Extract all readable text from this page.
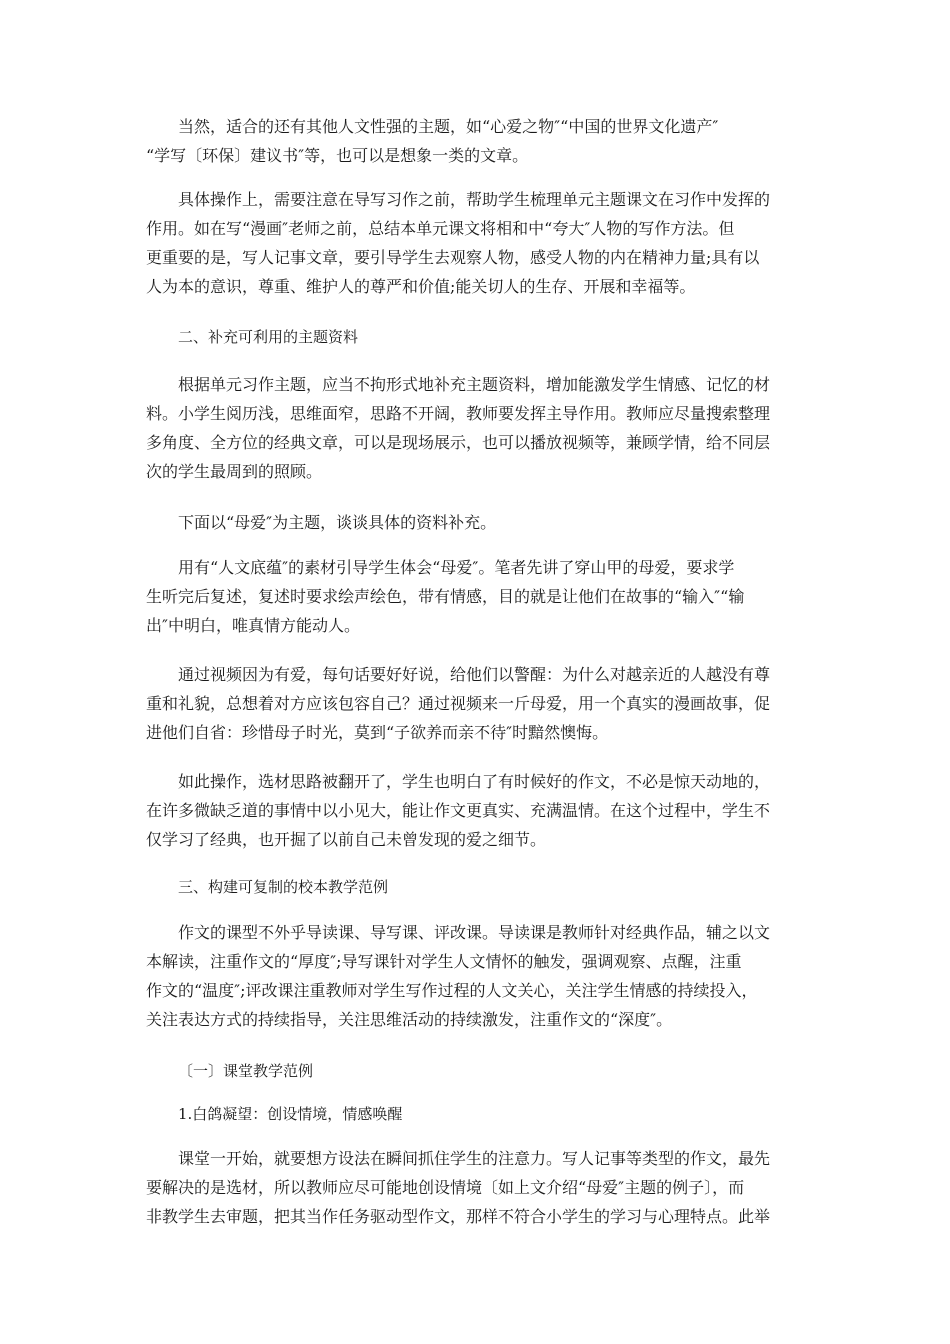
当然，适合的还有其他人文性强的主题，如“心爱之物″“中国的世界文化遗产″
“学写〔环保〕建议书″等，也可以是想象一类的文章。
具体操作上，需要注意在导写习作之前，帮助学生梳理单元主题课文在习作中发挥的
作用。如在写“漫画″老师之前，总结本单元课文将相和中“夸大″人物的写作方法。但
更重要的是，写人记事文章，要引导学生去观察人物，感受人物的内在精神力量;具有以
人为本的意识，尊重、维护人的尊严和价值;能关切人的生存、开展和幸福等。
二、补充可利用的主题资料
根据单元习作主题，应当不拘形式地补充主题资料，增加能激发学生情感、记忆的材
料。小学生阅历浅，思维面窄，思路不开阔，教师要发挥主导作用。教师应尽量搜索整理
多角度、全方位的经典文章，可以是现场展示，也可以播放视频等，兼顾学情，给不同层
次的学生最周到的照顾。
下面以“母爱″为主题，谈谈具体的资料补充。
用有“人文底蕴″的素材引导学生体会“母爱″。笔者先讲了穿山甲的母爱，要求学
生听完后复述，复述时要求绘声绘色，带有情感，目的就是让他们在故事的“输入″“输
出″中明白，唯真情方能动人。
通过视频因为有爱，每句话要好好说，给他们以警醒：为什么对越亲近的人越没有尊
重和礼貌，总想着对方应该包容自己？通过视频来一斤母爱，用一个真实的漫画故事，促
进他们自省：珍惜母子时光，莫到“子欲养而亲不待″时黯然懊悔。
如此操作，选材思路被翻开了，学生也明白了有时候好的作文，不必是惊天动地的，
在许多微缺乏道的事情中以小见大，能让作文更真实、充满温情。在这个过程中，学生不
仅学习了经典，也开掘了以前自己未曾发现的爱之细节。
三、构建可复制的校本教学范例
作文的课型不外乎导读课、导写课、评改课。导读课是教师针对经典作品，辅之以文
本解读，注重作文的“厚度″;导写课针对学生人文情怀的触发，强调观察、点醒，注重
作文的“温度″;评改课注重教师对学生写作过程的人文关心，关注学生情感的持续投入，
关注表达方式的持续指导，关注思维活动的持续激发，注重作文的“深度″。
〔一〕课堂教学范例
1.白鸽凝望：创设情境，情感唤醒
课堂一开始，就要想方设法在瞬间抓住学生的注意力。写人记事等类型的作文，最先
要解决的是选材，所以教师应尽可能地创设情境〔如上文介绍“母爱″主题的例子〕，而
非教学生去审题，把其当作任务驱动型作文，那样不符合小学生的学习与心理特点。此举
